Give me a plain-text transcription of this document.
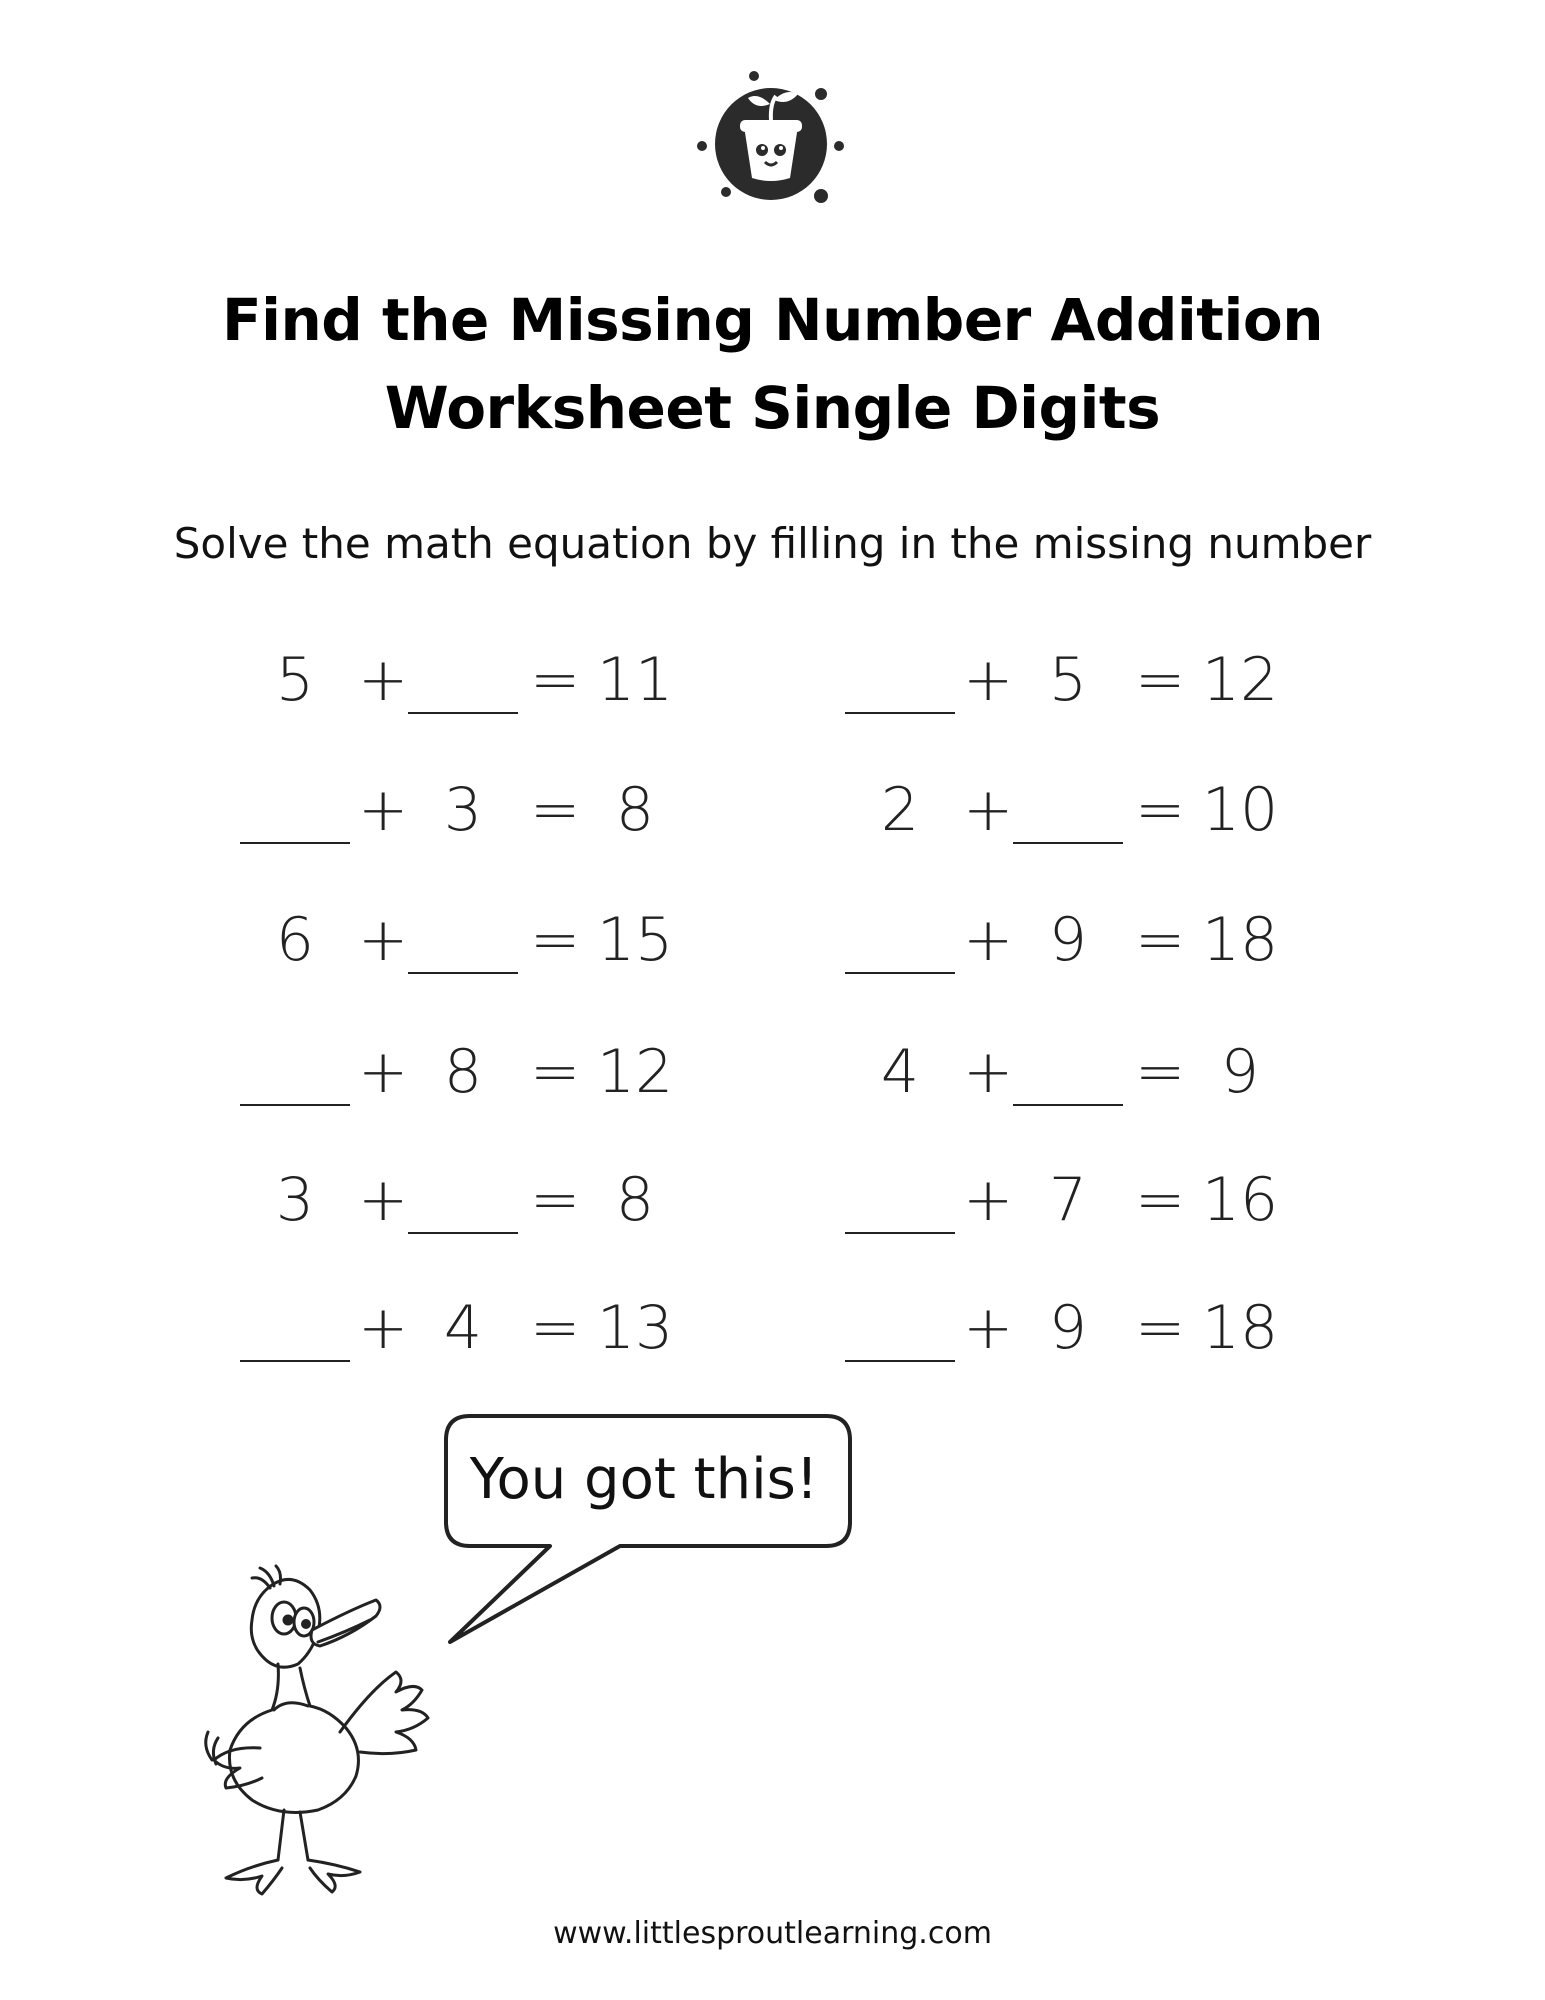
Find the Missing Number Addition
Worksheet Single Digits

Solve the math equation by filling in the missing number

5 + = 11	+ 5 = 12
+ 3 = 8	2 + = 10
6 + = 15	+ 9 = 18
+ 8 = 12	4 + = 9
3 + = 8	+ 7 = 16
+ 4 = 13	+ 9 = 18
You got this!
www.littlesproutlearning.com
